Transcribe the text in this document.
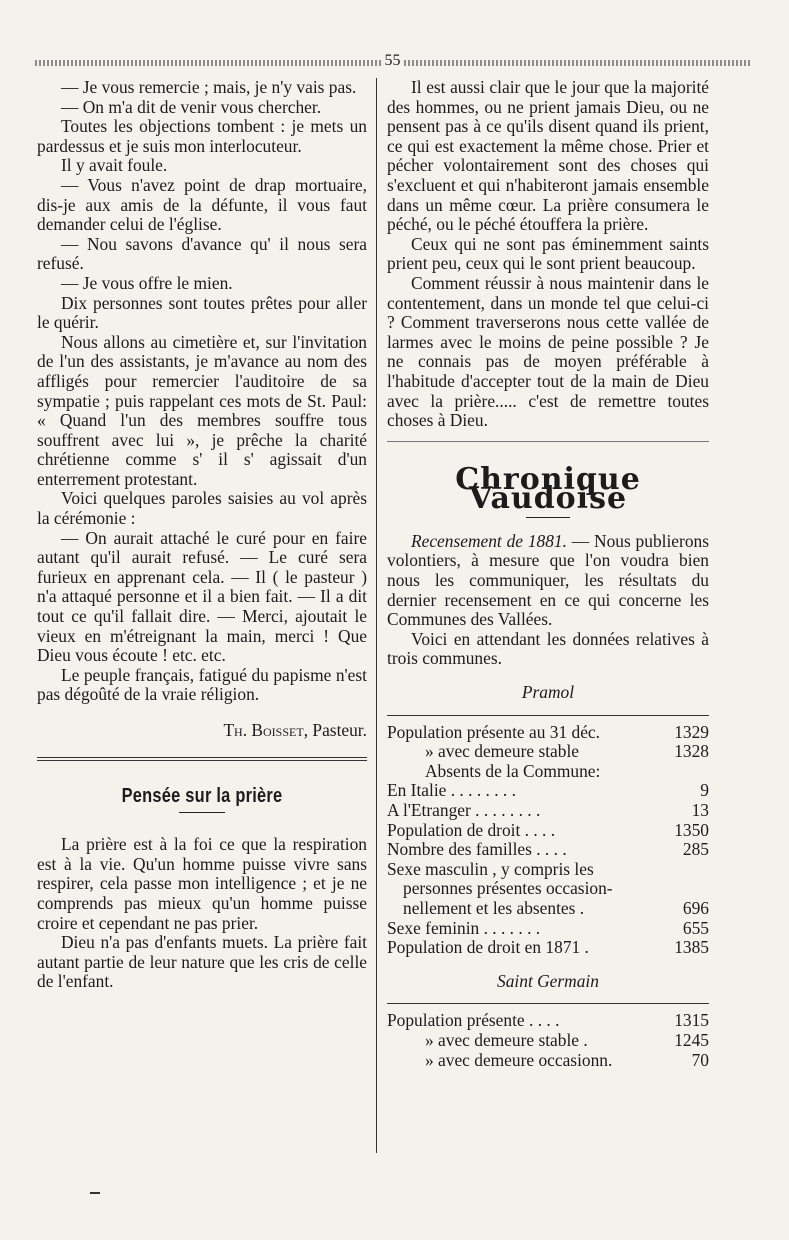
55

— Je vous remercie ; mais, je n'y vais pas.

— On m'a dit de venir vous chercher.

Toutes les objections tombent : je mets un pardessus et je suis mon interlocuteur.

Il y avait foule.

— Vous n'avez point de drap mortuaire, dis-je aux amis de la défunte, il vous faut demander celui de l'église.

— Nou savons d'avance qu' il nous sera refusé.

— Je vous offre le mien.

Dix personnes sont toutes prêtes pour aller le quérir.

Nous allons au cimetière et, sur l'invitation de l'un des assistants, je m'avance au nom des affligés pour remercier l'auditoire de sa sympatie ; puis rappelant ces mots de St. Paul: « Quand l'un des membres souffre tous souffrent avec lui », je prêche la charité chrétienne comme s' il s' agissait d'un enterrement protestant.

Voici quelques paroles saisies au vol après la cérémonie :

— On aurait attaché le curé pour en faire autant qu'il aurait refusé. — Le curé sera furieux en apprenant cela. — Il ( le pasteur ) n'a attaqué personne et il a bien fait. — Il a dit tout ce qu'il fallait dire. — Merci, ajoutait le vieux en m'étreignant la main, merci ! Que Dieu vous écoute ! etc. etc.

Le peuple français, fatigué du papisme n'est pas dégoûté de la vraie réligion.

Th. Boisset, Pasteur.
Pensée sur la prière

La prière est à la foi ce que la respiration est à la vie. Qu'un homme puisse vivre sans respirer, cela passe mon intelligence ; et je ne comprends pas mieux qu'un homme puisse croire et cependant ne pas prier.

Dieu n'a pas d'enfants muets. La prière fait autant partie de leur nature que les cris de celle de l'enfant.

Il est aussi clair que le jour que la majorité des hommes, ou ne prient jamais Dieu, ou ne pensent pas à ce qu'ils disent quand ils prient, ce qui est exactement la même chose. Prier et pécher volontairement sont des choses qui s'excluent et qui n'habiteront jamais ensemble dans un même cœur. La prière consumera le péché, ou le péché étouffera la prière.

Ceux qui ne sont pas éminemment saints prient peu, ceux qui le sont prient beaucoup.

Comment réussir à nous maintenir dans le contentement, dans un monde tel que celui-ci ? Comment traverserons nous cette vallée de larmes avec le moins de peine possible ? Je ne connais pas de moyen préférable à l'habitude d'accepter tout de la main de Dieu avec la prière..... c'est de remettre toutes choses à Dieu.

Chronique Vaudoise

Recensement de 1881. — Nous publierons volontiers, à mesure que l'on voudra bien nous les communiquer, les résultats du dernier recensement en ce qui concerne les Communes des Vallées.

Voici en attendant les données relatives à trois communes.

Pramol
Population présente au 31 déc.	1329
» avec demeure stable	1328
Absents de la Commune:
En Italie . . . . . . . .	9
A l'Etranger . . . . . . . .	13
Population de droit . . . .	1350
Nombre des familles . . . .	285
Sexe masculin , y compris les
personnes présentes occasion-
nellement et les absentes .	696
Sexe feminin . . . . . . .	655
Population de droit en 1871 .	1385
Saint Germain
Population présente . . . .	1315
» avec demeure stable .	1245
» avec demeure occasionn.	70
